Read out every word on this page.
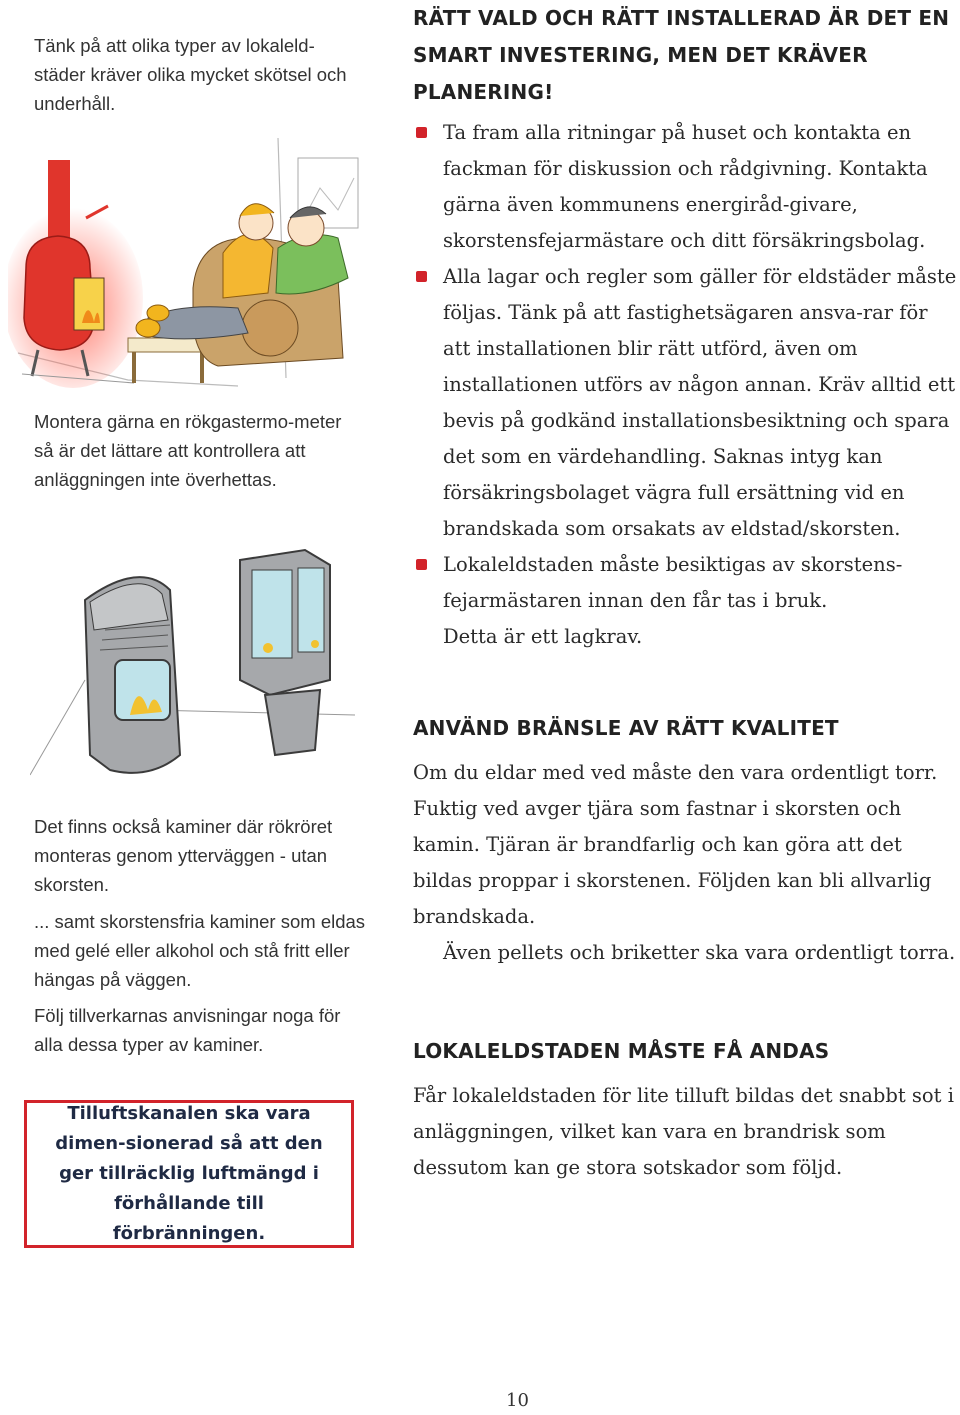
Tänk på att olika typer av lokaleld-städer kräver olika mycket skötsel och underhåll.
Montera gärna en rökgastermo-meter så är det lättare att kontrollera att anläggningen inte överhettas.
Det finns också kaminer där rökröret monteras genom ytterväggen - utan skorsten.
... samt skorstensfria kaminer som eldas med gelé eller alkohol och stå fritt eller hängas på väggen.
Följ tillverkarnas anvisningar noga för alla dessa typer av kaminer.

Tilluftskanalen ska vara dimen-sionerad så att den ger tillräcklig luftmängd i förhållande till förbränningen.

RÄTT VALD OCH RÄTT INSTALLERAD ÄR DET EN SMART INVESTERING, MEN DET KRÄVER PLANERING!
Ta fram alla ritningar på huset och kontakta en fackman för diskussion och rådgivning. Kontakta gärna även kommunens energiråd-givare, skorstensfejarmästare och ditt försäkringsbolag.
Alla lagar och regler som gäller för eldstäder måste följas. Tänk på att fastighetsägaren ansva-rar för att installationen blir rätt utförd, även om installationen utförs av någon annan. Kräv alltid ett bevis på godkänd installationsbesiktning och spara det som en värdehandling. Saknas intyg kan försäkringsbolaget vägra full ersättning vid en brandskada som orsakats av eldstad/skorsten.
Lokaleldstaden måste besiktigas av skorstens-fejarmästaren innan den får tas i bruk.
Detta är ett lagkrav.
ANVÄND BRÄNSLE AV RÄTT KVALITET

Om du eldar med ved måste den vara ordentligt torr. Fuktig ved avger tjära som fastnar i skorsten och kamin. Tjäran är brandfarlig och kan göra att det bildas proppar i skorstenen. Följden kan bli allvarlig brandskada.

Även pellets och briketter ska vara ordentligt torra.

LOKALELDSTADEN MÅSTE FÅ ANDAS

Får lokaleldstaden för lite tilluft bildas det snabbt sot i anläggningen, vilket kan vara en brandrisk som dessutom kan ge stora sotskador som följd.

10
